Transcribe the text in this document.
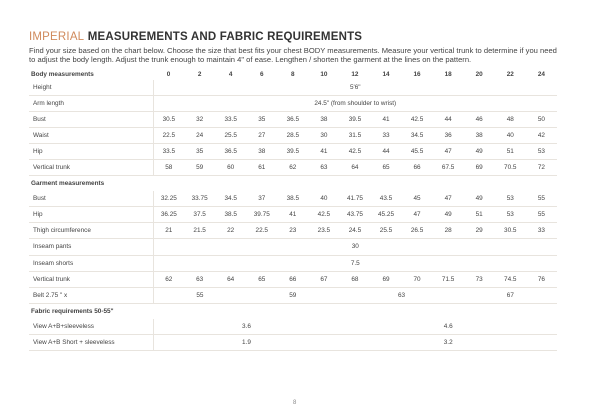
IMPERIAL MEASUREMENTS AND FABRIC REQUIREMENTS

Find your size based on the chart below. Choose the size that best fits your chest BODY measurements. Measure your vertical trunk to determine if you need to adjust the body length. Adjust the trunk enough to maintain 4" of ease. Lengthen / shorten the garment at the lines on the pattern.

Body measurements	0	2	4	6	8	10	12	14	16	18	20	22	24
Height	5'6"												
Arm length	24.5" (from shoulder to wrist)												
Bust	30.5	32	33.5	35	36.5	38	39.5	41	42.5	44	46	48	50
Waist	22.5	24	25.5	27	28.5	30	31.5	33	34.5	36	38	40	42
Hip	33.5	35	36.5	38	39.5	41	42.5	44	45.5	47	49	51	53
Vertical trunk	58	59	60	61	62	63	64	65	66	67.5	69	70.5	72
Garment measurements													
Bust	32.25	33.75	34.5	37	38.5	40	41.75	43.5	45	47	49	53	55
Hip	36.25	37.5	38.5	39.75	41	42.5	43.75	45.25	47	49	51	53	55
Thigh circumference	21	21.5	22	22.5	23	23.5	24.5	25.5	26.5	28	29	30.5	33
Inseam pants	30												
Inseam shorts	7.5												
Vertical trunk	62	63	64	65	66	67	68	69	70	71.5	73	74.5	76
Belt 2.75 " x	55			59			63				67		
Fabric requirements 50-55"													
View A+B+sleeveless	3.6						4.6						
View A+B Short + sleeveless	1.9						3.2						
8
